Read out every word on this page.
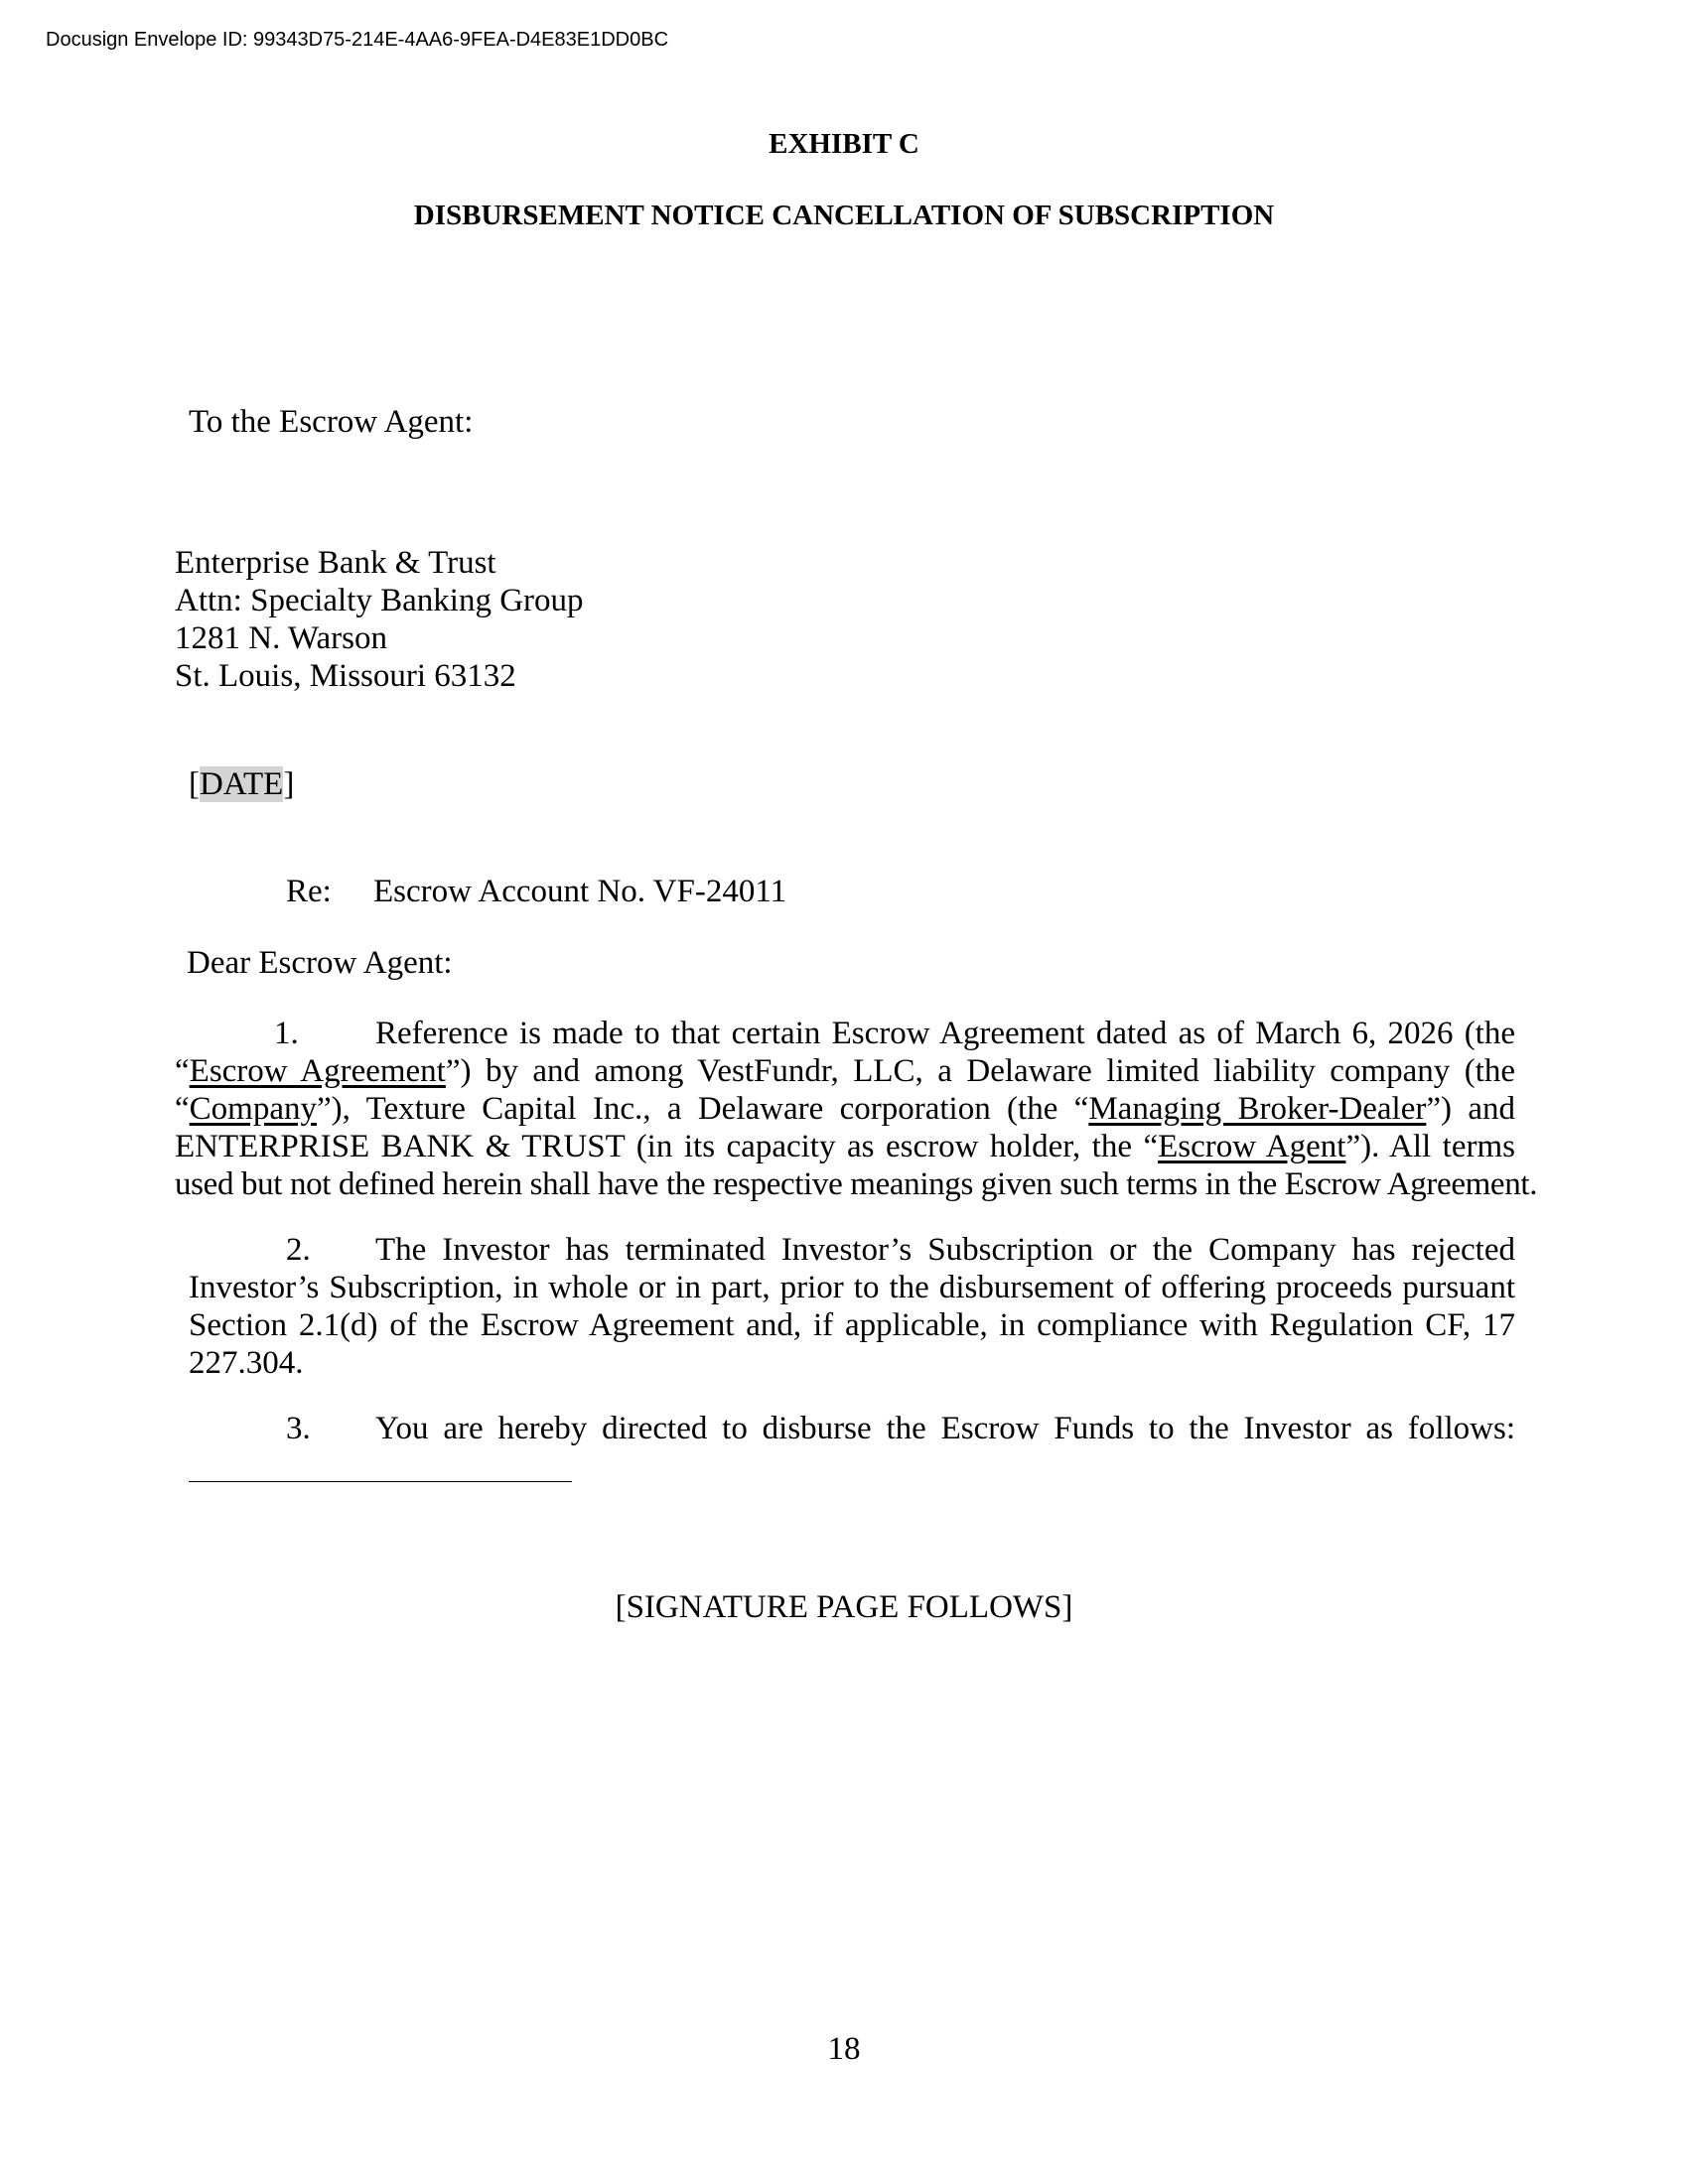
Docusign Envelope ID: 99343D75-214E-4AA6-9FEA-D4E83E1DD0BC
EXHIBIT C
DISBURSEMENT NOTICE CANCELLATION OF SUBSCRIPTION

To the Escrow Agent:

Enterprise Bank & Trust
Attn: Specialty Banking Group
1281 N. Warson
St. Louis, Missouri 63132

[DATE]

Re: Escrow Account No. VF-24011

Dear Escrow Agent:

1. Reference is made to that certain Escrow Agreement dated as of March 6, 2026 (the
“Escrow Agreement”) by and among VestFundr, LLC, a Delaware limited liability company (the
“Company”), Texture Capital Inc., a Delaware corporation (the “Managing Broker-Dealer”) and
ENTERPRISE BANK & TRUST (in its capacity as escrow holder, the “Escrow Agent”). All terms
used but not defined herein shall have the respective meanings given such terms in the Escrow Agreement.
2. The Investor has terminated Investor’s Subscription or the Company has rejected
Investor’s Subscription, in whole or in part, prior to the disbursement of offering proceeds pursuant
Section 2.1(d) of the Escrow Agreement and, if applicable, in compliance with Regulation CF, 17
227.304.
3. You are hereby directed to disburse the Escrow Funds to the Investor as follows:

[SIGNATURE PAGE FOLLOWS]

18
